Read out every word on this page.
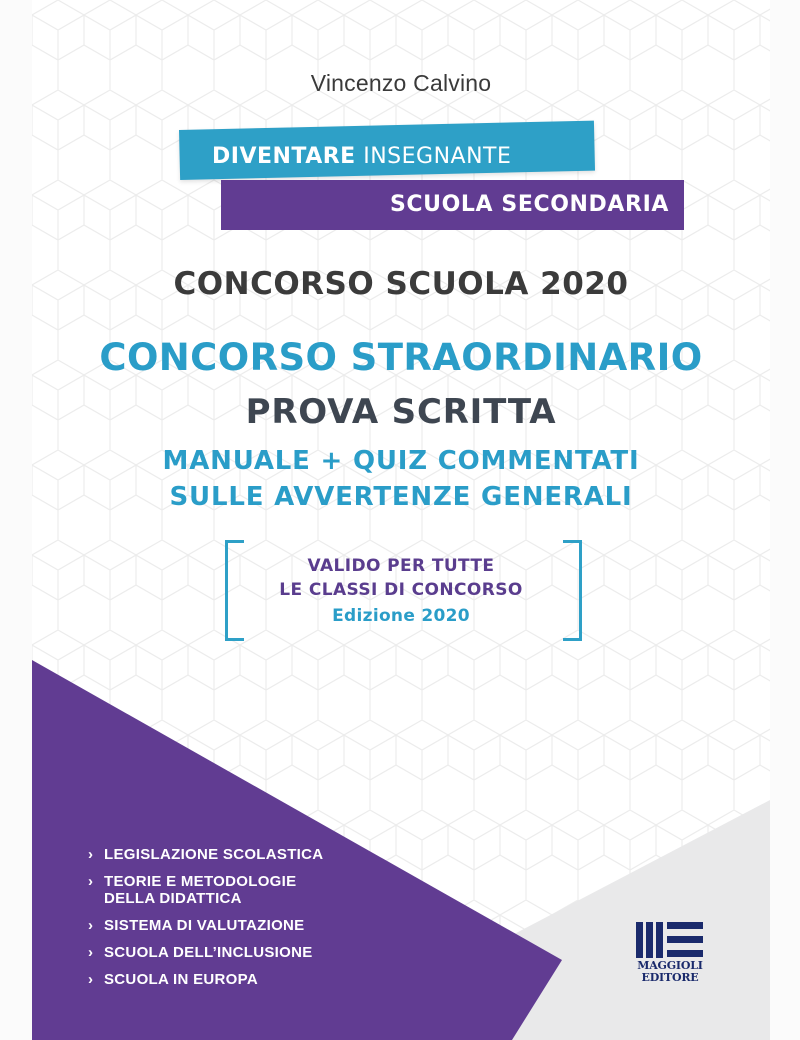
Vincenzo Calvino
DIVENTARE INSEGNANTE
SCUOLA SECONDARIA
CONCORSO SCUOLA 2020
CONCORSO STRAORDINARIO
PROVA SCRITTA
MANUALE + QUIZ COMMENTATI
SULLE AVVERTENZE GENERALI
VALIDO PER TUTTE
LE CLASSI DI CONCORSO
Edizione 2020
› LEGISLAZIONE SCOLASTICA
› TEORIE E METODOLOGIE
DELLA DIDATTICA
› SISTEMA DI VALUTAZIONE
› SCUOLA DELL’INCLUSIONE
› SCUOLA IN EUROPA
MAGGIOLI
EDITORE
